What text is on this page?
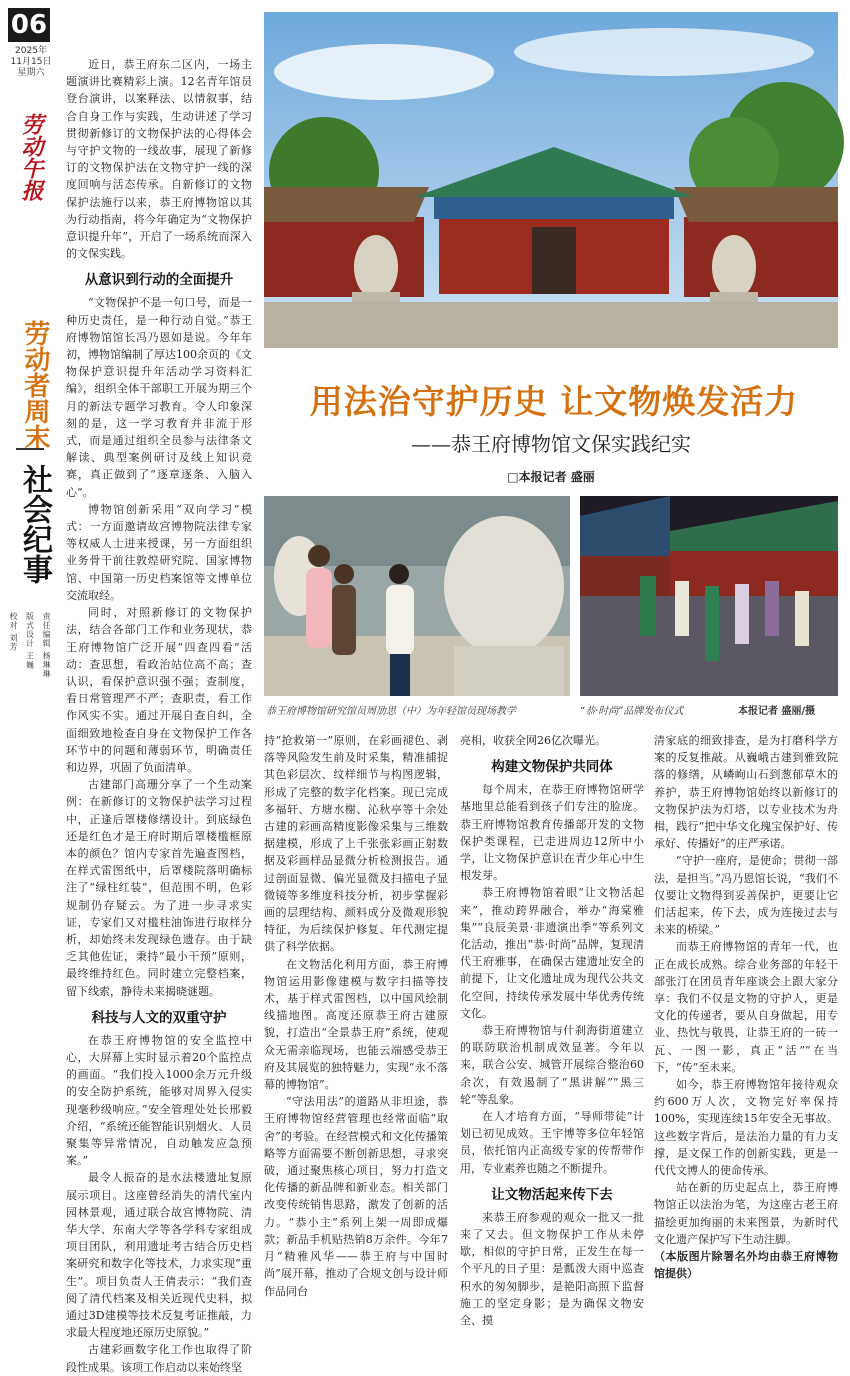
06
2025年
11月15日
星期六
劳动午报
劳动者周末
社会纪事
校对 刘芳 版式设计 王巍 责任编辑 杨琳琳

近日，恭王府东二区内，一场主题演讲比赛精彩上演。12名青年馆员登台演讲，以案释法、以情叙事，结合自身工作与实践，生动讲述了学习贯彻新修订的文物保护法的心得体会与守护文物的一线故事，展现了新修订的文物保护法在文物守护一线的深度回响与活态传承。自新修订的文物保护法施行以来，恭王府博物馆以其为行动指南，将今年确定为“文物保护意识提升年”，开启了一场系统而深入的文保实践。

从意识到行动的全面提升

“文物保护不是一句口号，而是一种历史责任，是一种行动自觉。”恭王府博物馆馆长冯乃恩如是说。今年年初，博物馆编制了厚达100余页的《文物保护意识提升年活动学习资料汇编》，组织全体干部职工开展为期三个月的新法专题学习教育。令人印象深刻的是，这一学习教育并非流于形式，而是通过组织全员参与法律条文解读、典型案例研讨及线上知识竞赛，真正做到了“逐章逐条、入脑入心”。

博物馆创新采用“双向学习”模式：一方面邀请故宫博物院法律专家等权威人士进来授课，另一方面组织业务骨干前往敦煌研究院、国家博物馆、中国第一历史档案馆等文博单位交流取经。

同时，对照新修订的文物保护法，结合各部门工作和业务现状，恭王府博物馆广泛开展“四查四看”活动：查思想，看政治站位高不高；查认识，看保护意识强不强；查制度，看日常管理严不严；查职责，看工作作风实不实。通过开展自查自纠，全面细致地检查自身在文物保护工作各环节中的问题和薄弱环节，明确责任和边界，巩固了负面清单。

古建部门高珊分享了一个生动案例：在新修订的文物保护法学习过程中，正逢后罩楼修缮设计。到底绿色还是红色才是王府时期后罩楼槛框原本的颜色？馆内专家首先遍查图档，在样式雷图纸中，后罩楼院落明确标注了“绿柱红装”，但范围不明，色彩规制仍存疑云。为了进一步寻求实证，专家们又对槛柱油饰进行取样分析，却始终未发现绿色遗存。由于缺乏其他佐证，秉持“最小干预”原则，最终维持红色。同时建立完整档案，留下线索，静待未来揭晓谜题。

科技与人文的双重守护

在恭王府博物馆的安全监控中心，大屏幕上实时显示着20个监控点的画面。“我们投入1000余万元升级的安全防护系统，能够对周界入侵实现毫秒级响应。”安全管理处处长邢毅介绍，“系统还能智能识别烟火、人员聚集等异常情况，自动触发应急预案。”

最令人振奋的是水法楼遗址复原展示项目。这座曾经消失的清代室内园林景观，通过联合故宫博物院、清华大学、东南大学等各学科专家组成项目团队，利用遗址考古结合历史档案研究和数字化等技术，力求实现“重生”。项目负责人王倩表示：“我们查阅了清代档案及相关近现代史料，拟通过3D建模等技术反复考证推敲，力求最大程度地还原历史原貌。”

古建彩画数字化工作也取得了阶段性成果。该项工作启动以来始终坚

用法治守护历史 让文物焕发活力
——恭王府博物馆文保实践纪实
□本报记者 盛丽
恭王府博物馆研究馆员周劢思（中）为年轻馆员现场教学	“恭·时尚”品牌发布仪式	本报记者 盛丽/摄

持“抢救第一”原则，在彩画褪色、剥落等风险发生前及时采集，精准捕捉其色彩层次、纹样细节与构图逻辑，形成了完整的数字化档案。现已完成多福轩、方塘水榭、沁秋亭等十余处古建的彩画高精度影像采集与三维数据建模，形成了上千张张彩画正射数据及彩画样品显微分析检测报告。通过剖面显微、偏光显微及扫描电子显微镜等多维度科技分析，初步掌握彩画的层理结构、颜料成分及微观形貌特征，为后续保护修复、年代测定提供了科学依据。

在文物活化利用方面，恭王府博物馆运用影像建模与数字扫描等技术，基于样式雷图档，以中国风绘制线描地图。高度还原恭王府古建原貌，打造出“全景恭王府”系统，使观众无需亲临现场，也能云端感受恭王府及其展览的独特魅力，实现“永不落幕的博物馆”。

“守法用法”的道路从非坦途，恭王府博物馆经营管理也经常面临“取舍”的考验。在经营模式和文化传播策略等方面需要不断创新思想，寻求突破，通过聚焦核心项目，努力打造文化传播的新品牌和新业态。相关部门改变传统销售思路，激发了创新的活力。“恭小主”系列上架一周即成爆款；新品手机贴热销8万余件。今年7月“精雅风华——恭王府与中国时尚”展开幕，推动了合规文创与设计师作品同台

亮相，收获全网26亿次曝光。

构建文物保护共同体

每个周末，在恭王府博物馆研学基地里总能看到孩子们专注的脸庞。恭王府博物馆教育传播部开发的文物保护类课程，已走进周边12所中小学，让文物保护意识在青少年心中生根发芽。

恭王府博物馆着眼“让文物活起来”，推动跨界融合，举办“海棠雅集”“良辰美景·非遗演出季”等系列文化活动，推出“恭·时尚”品牌，复现清代王府雅事，在确保古建遗址安全的前提下，让文化遗址成为现代公共文化空间，持续传承发展中华优秀传统文化。

恭王府博物馆与什刹海街道建立的联防联治机制成效显著。今年以来，联合公安、城管开展综合整治60余次，有效遏制了“黑讲解”“黑三轮”等乱象。

在人才培育方面，“导师带徒”计划已初见成效。王宇博等多位年轻馆员，依托馆内正高级专家的传帮带作用，专业素养也随之不断提升。

让文物活起来传下去

来恭王府参观的观众一批又一批来了又去。但文物保护工作从未停歇，相似的守护日常，正发生在每一个平凡的日子里：是瓢泼大雨中巡查积水的匆匆脚步，是艳阳高照下监督施工的坚定身影；是为确保文物安全、摸

清家底的细致排查，是为打磨科学方案的反复推敲。从巍峨古建到雅致院落的修缮，从嶙峋山石到葱郁草木的养护，恭王府博物馆始终以新修订的文物保护法为灯塔，以专业技术为舟楫，践行“把中华文化瑰宝保护好、传承好、传播好”的庄严承诺。

“守护一座府，是使命；贯彻一部法，是担当。”冯乃恩馆长说，“我们不仅要让文物得到妥善保护，更要让它们活起来，传下去，成为连接过去与未来的桥梁。”

而恭王府博物馆的青年一代，也正在成长成熟。综合业务部的年轻干部张汀在团员青年座谈会上跟大家分享：我们不仅是文物的守护人，更是文化的传递者，要从自身做起，用专业、热忱与敬畏，让恭王府的一砖一瓦、一图一影，真正“活”“在当下，“传”至未来。

如今，恭王府博物馆年接待观众约600万人次，文物完好率保持100%，实现连续15年安全无事故。这些数字背后，是法治力量的有力支撑，是文保工作的创新实践，更是一代代文博人的使命传承。

站在新的历史起点上，恭王府博物馆正以法治为笔，为这座古老王府描绘更加绚丽的未来图景，为新时代文化遗产保护写下生动注脚。

（本版图片除署名外均由恭王府博物馆提供）
